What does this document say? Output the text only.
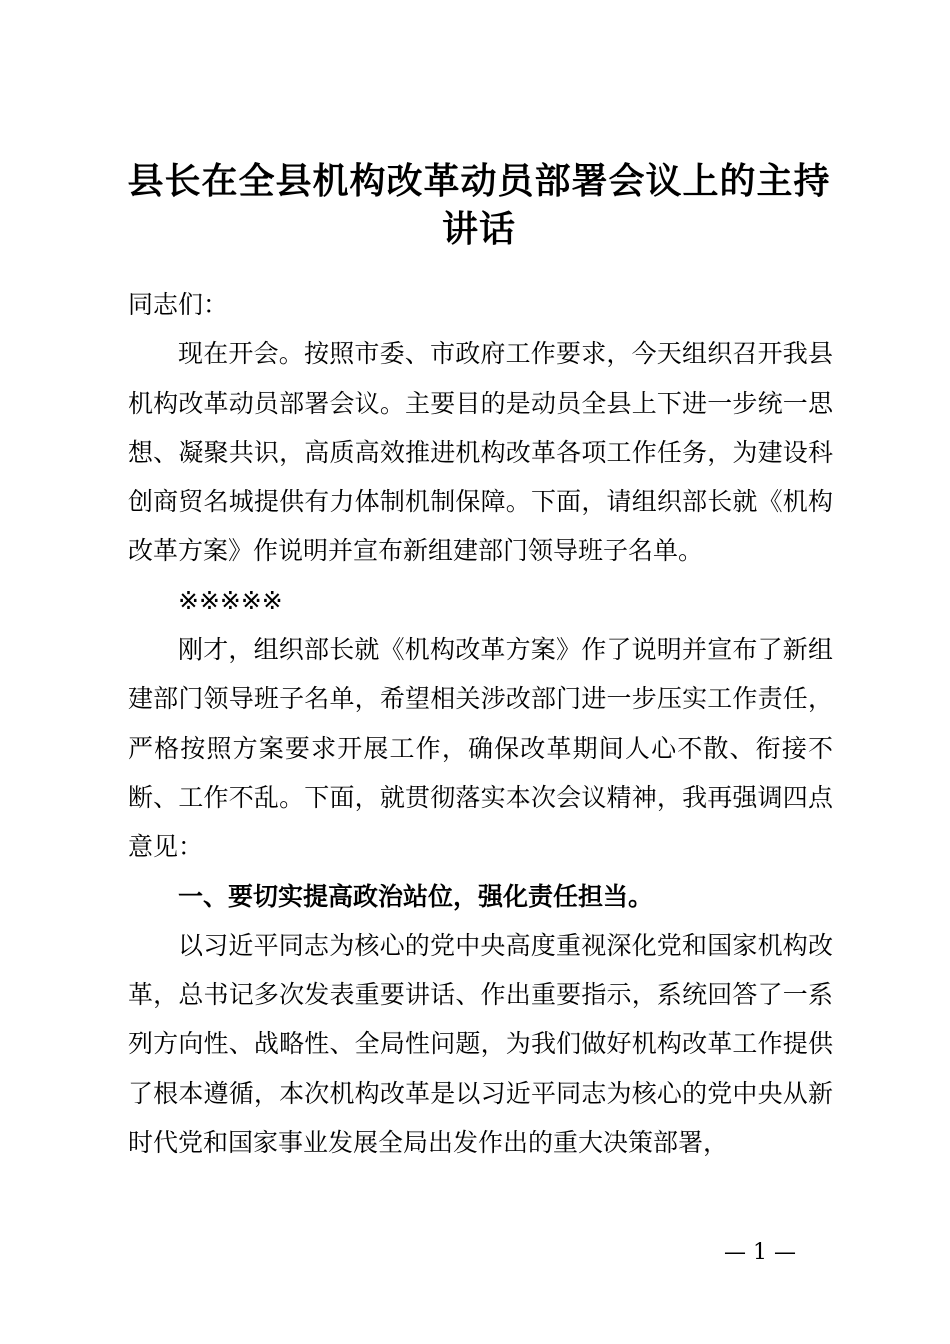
县长在全县机构改革动员部署会议上的主持讲话

同志们：

现在开会。按照市委、市政府工作要求，今天组织召开我县机构改革动员部署会议。主要目的是动员全县上下进一步统一思想、凝聚共识，高质高效推进机构改革各项工作任务，为建设科创商贸名城提供有力体制机制保障。下面，请组织部长就《机构改革方案》作说明并宣布新组建部门领导班子名单。

※※※※※

刚才，组织部长就《机构改革方案》作了说明并宣布了新组建部门领导班子名单，希望相关涉改部门进一步压实工作责任，严格按照方案要求开展工作，确保改革期间人心不散、衔接不断、工作不乱。下面，就贯彻落实本次会议精神，我再强调四点意见：

一、要切实提高政治站位，强化责任担当。

以习近平同志为核心的党中央高度重视深化党和国家机构改革，总书记多次发表重要讲话、作出重要指示，系统回答了一系列方向性、战略性、全局性问题，为我们做好机构改革工作提供了根本遵循，本次机构改革是以习近平同志为核心的党中央从新时代党和国家事业发展全局出发作出的重大决策部署，

— 1 —
